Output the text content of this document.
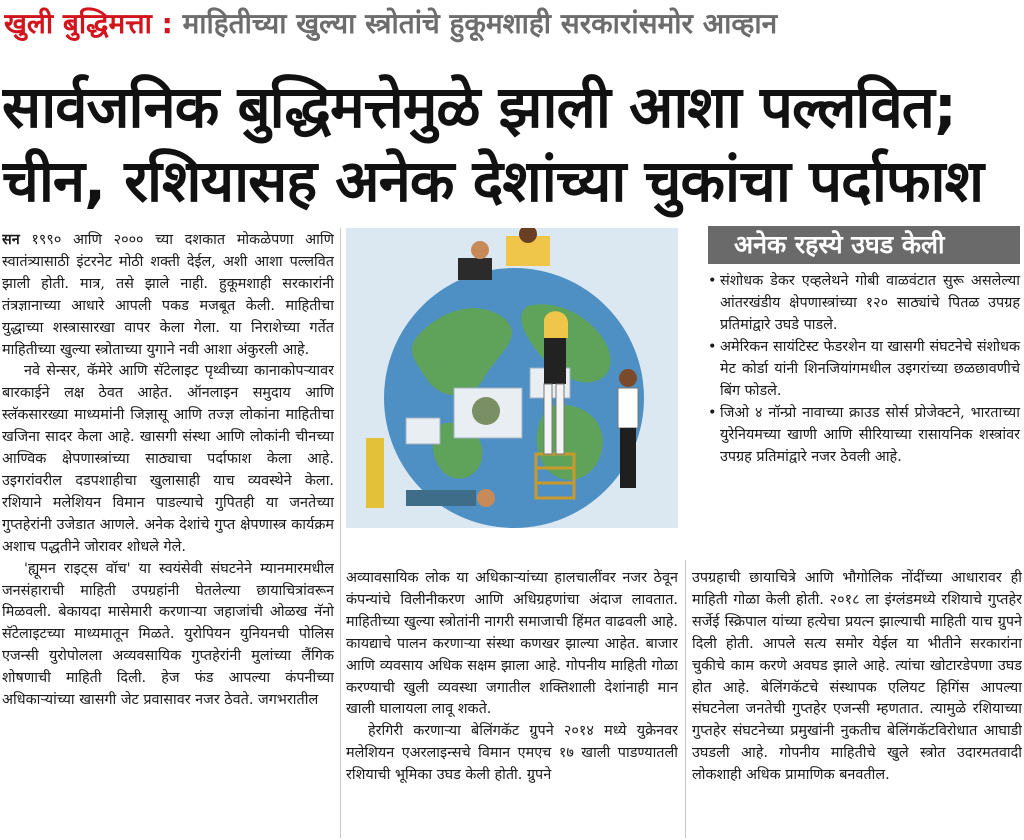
खुली बुद्धिमत्ता : माहितीच्या खुल्या स्त्रोतांचे हुकूमशाही सरकारांसमोर आव्हान
सार्वजनिक बुद्धिमत्तेमुळे झाली आशा पल्लवित;
चीन, रशियासह अनेक देशांच्या चुकांचा पर्दाफाश

सन १९९० आणि २००० च्या दशकात मोकळेपणा आणि स्वातंत्र्यासाठी इंटरनेट मोठी शक्ती देईल, अशी आशा पल्लवित झाली होती. मात्र, तसे झाले नाही. हुकूमशाही सरकारांनी तंत्रज्ञानाच्या आधारे आपली पकड मजबूत केली. माहितीचा युद्धाच्या शस्त्रासारखा वापर केला गेला. या निराशेच्या गर्तेत माहितीच्या खुल्या स्त्रोताच्या युगाने नवी आशा अंकुरली आहे.

नवे सेन्सर, कॅमेरे आणि सॅटेलाइट पृथ्वीच्या कानाकोपऱ्यावर बारकाईने लक्ष ठेवत आहेत. ऑनलाइन समुदाय आणि स्लॅकसारख्या माध्यमांनी जिज्ञासू आणि तज्ज्ञ लोकांना माहितीचा खजिना सादर केला आहे. खासगी संस्था आणि लोकांनी चीनच्या आण्विक क्षेपणास्त्रांच्या साठ्याचा पर्दाफाश केला आहे. उइगरांवरील दडपशाहीचा खुलासाही याच व्यवस्थेने केला. रशियाने मलेशियन विमान पाडल्याचे गुपितही या जनतेच्या गुप्तहेरांनी उजेडात आणले. अनेक देशांचे गुप्त क्षेपणास्त्र कार्यक्रम अशाच पद्धतीने जोरावर शोधले गेले.

'ह्यूमन राइट्स वॉच' या स्वयंसेवी संघटनेने म्यानमारमधील जनसंहाराची माहिती उपग्रहांनी घेतलेल्या छायाचित्रांवरून मिळवली. बेकायदा मासेमारी करणाऱ्या जहाजांची ओळख नॅनो सॅटेलाइटच्या माध्यमातून मिळते. युरोपियन युनियनची पोलिस एजन्सी युरोपोलला अव्यवसायिक गुप्तहेरांनी मुलांच्या लैंगिक शोषणाची माहिती दिली. हेज फंड आपल्या कंपनीच्या अधिकाऱ्यांच्या खासगी जेट प्रवासावर नजर ठेवते. जगभरातील

अनेक रहस्ये उघड केली
• संशोधक डेकर एव्हलेथने गोबी वाळवंटात सुरू असलेल्या आंतरखंडीय क्षेपणास्त्रांच्या १२० साठ्यांचे पितळ उपग्रह प्रतिमांद्वारे उघडे पाडले.
• अमेरिकन सायंटिस्ट फेडरशेन या खासगी संघटनेचे संशोधक मेट कोर्डा यांनी शिनजियांगमधील उइगरांच्या छळछावणीचे बिंग फोडले.
• जिओ ४ नॉन्प्रो नावाच्या क्राउड सोर्स प्रोजेक्टने, भारताच्या युरेनियमच्या खाणी आणि सीरियाच्या रासायनिक शस्त्रांवर उपग्रह प्रतिमांद्वारे नजर ठेवली आहे.

अव्यावसायिक लोक या अधिकाऱ्यांच्या हालचालींवर नजर ठेवून कंपन्यांचे विलीनीकरण आणि अधिग्रहणांचा अंदाज लावतात. माहितीच्या खुल्या स्त्रोतांनी नागरी समाजाची हिंमत वाढवली आहे. कायद्याचे पालन करणाऱ्या संस्था कणखर झाल्या आहेत. बाजार आणि व्यवसाय अधिक सक्षम झाला आहे. गोपनीय माहिती गोळा करण्याची खुली व्यवस्था जगातील शक्तिशाली देशांनाही मान खाली घालायला लावू शकते.

हेरगिरी करणाऱ्या बेलिंगकॅट ग्रुपने २०१४ मध्ये युक्रेनवर मलेशियन एअरलाइन्सचे विमान एमएच १७ खाली पाडण्यातली रशियाची भूमिका उघड केली होती. ग्रुपने

उपग्रहाची छायाचित्रे आणि भौगोलिक नोंदींच्या आधारावर ही माहिती गोळा केली होती. २०१८ ला इंग्लंडमध्ये रशियाचे गुप्तहेर सर्जेई स्क्रिपाल यांच्या हत्येचा प्रयत्न झाल्याची माहिती याच ग्रुपने दिली होती. आपले सत्य समोर येईल या भीतीने सरकारांना चुकीचे काम करणे अवघड झाले आहे. त्यांचा खोटारडेपणा उघड होत आहे. बेलिंगकॅटचे संस्थापक एलियट हिगिंस आपल्या संघटनेला जनतेची गुप्तहेर एजन्सी म्हणतात. त्यामुळे रशियाच्या गुप्तहेर संघटनेच्या प्रमुखांनी नुकतीच बेलिंगकॅटविरोधात आघाडी उघडली आहे. गोपनीय माहितीचे खुले स्त्रोत उदारमतवादी लोकशाही अधिक प्रामाणिक बनवतील.
